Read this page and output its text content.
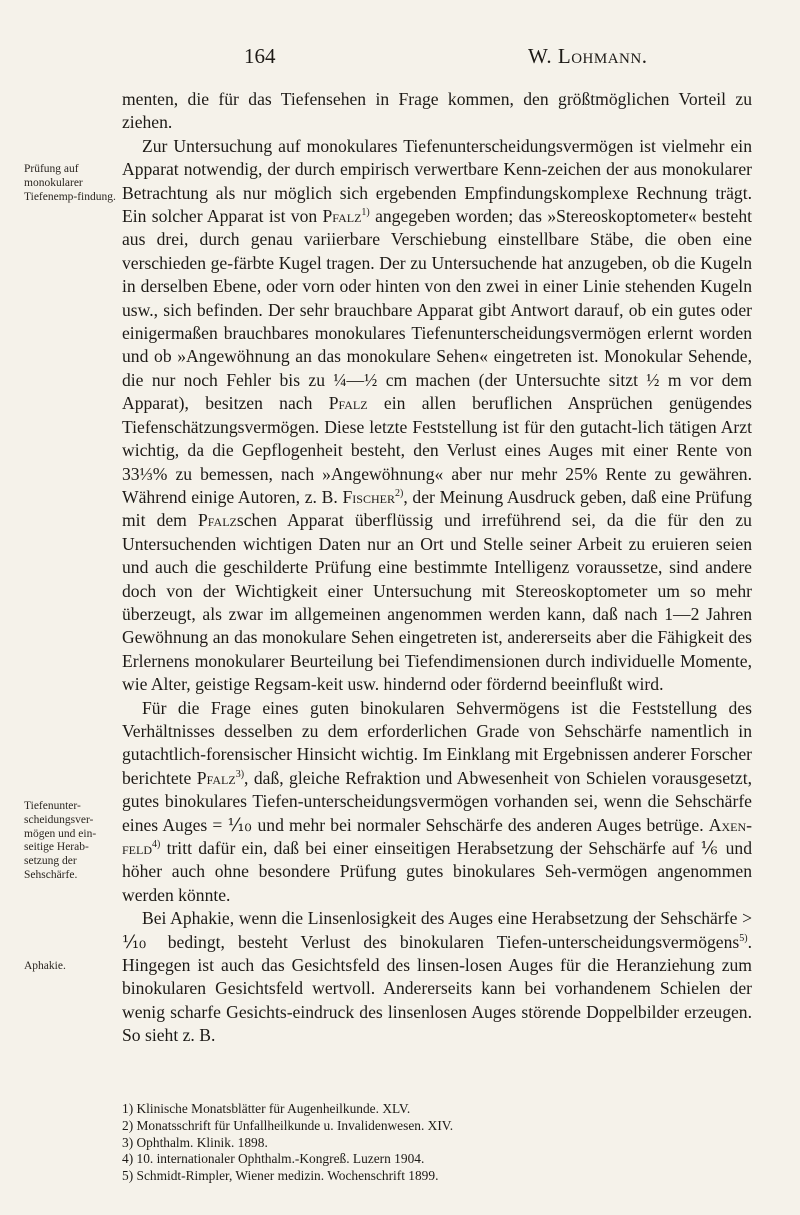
164	W. Lohmann.
Prüfung auf monokularer Tiefenemp-findung.
Tiefenunter-scheidungsver-mögen und ein-seitige Herab-setzung der Sehschärfe.
Aphakie.

menten, die für das Tiefensehen in Frage kommen, den größtmöglichen Vorteil zu ziehen.

Zur Untersuchung auf monokulares Tiefenunterscheidungsvermögen ist vielmehr ein Apparat notwendig, der durch empirisch verwertbare Kenn-zeichen der aus monokularer Betrachtung als nur möglich sich ergebenden Empfindungskomplexe Rechnung trägt. Ein solcher Apparat ist von Pfalz$^{1)}$ angegeben worden; das »Stereoskoptometer« besteht aus drei, durch genau variierbare Verschiebung einstellbare Stäbe, die oben eine verschieden ge-färbte Kugel tragen. Der zu Untersuchende hat anzugeben, ob die Kugeln in derselben Ebene, oder vorn oder hinten von den zwei in einer Linie stehenden Kugeln usw., sich befinden. Der sehr brauchbare Apparat gibt Antwort darauf, ob ein gutes oder einigermaßen brauchbares monokulares Tiefenunterscheidungsvermögen erlernt worden und ob »Angewöhnung an das monokulare Sehen« eingetreten ist. Monokular Sehende, die nur noch Fehler bis zu ¼—½ cm machen (der Untersuchte sitzt ½ m vor dem Apparat), besitzen nach Pfalz ein allen beruflichen Ansprüchen genügendes Tiefenschätzungsvermögen. Diese letzte Feststellung ist für den gutacht-lich tätigen Arzt wichtig, da die Gepflogenheit besteht, den Verlust eines Auges mit einer Rente von 33⅓% zu bemessen, nach »Angewöhnung« aber nur mehr 25% Rente zu gewähren. Während einige Autoren, z. B. Fischer$^{2)}$, der Meinung Ausdruck geben, daß eine Prüfung mit dem Pfalzschen Apparat überflüssig und irreführend sei, da die für den zu Untersuchenden wichtigen Daten nur an Ort und Stelle seiner Arbeit zu eruieren seien und auch die geschilderte Prüfung eine bestimmte Intelligenz voraussetze, sind andere doch von der Wichtigkeit einer Untersuchung mit Stereoskoptometer um so mehr überzeugt, als zwar im allgemeinen angenommen werden kann, daß nach 1—2 Jahren Gewöhnung an das monokulare Sehen eingetreten ist, andererseits aber die Fähigkeit des Erlernens monokularer Beurteilung bei Tiefendimensionen durch individuelle Momente, wie Alter, geistige Regsam-keit usw. hindernd oder fördernd beeinflußt wird.

Für die Frage eines guten binokularen Sehvermögens ist die Feststellung des Verhältnisses desselben zu dem erforderlichen Grade von Sehschärfe namentlich in gutachtlich-forensischer Hinsicht wichtig. Im Einklang mit Ergebnissen anderer Forscher berichtete Pfalz$^{3)}$, daß, gleiche Refraktion und Abwesenheit von Schielen vorausgesetzt, gutes binokulares Tiefen-unterscheidungsvermögen vorhanden sei, wenn die Sehschärfe eines Auges = ⅒ und mehr bei normaler Sehschärfe des anderen Auges betrüge. Axen-feld$^{4)}$ tritt dafür ein, daß bei einer einseitigen Herabsetzung der Sehschärfe auf ⅙ und höher auch ohne besondere Prüfung gutes binokulares Seh-vermögen angenommen werden könnte.

Bei Aphakie, wenn die Linsenlosigkeit des Auges eine Herabsetzung der Sehschärfe > ⅒ bedingt, besteht Verlust des binokularen Tiefen-unterscheidungsvermögens$^{5)}$. Hingegen ist auch das Gesichtsfeld des linsen-losen Auges für die Heranziehung zum binokularen Gesichtsfeld wertvoll. Andererseits kann bei vorhandenem Schielen der wenig scharfe Gesichts-eindruck des linsenlosen Auges störende Doppelbilder erzeugen. So sieht z. B.

1) Klinische Monatsblätter für Augenheilkunde. XLV.
2) Monatsschrift für Unfallheilkunde u. Invalidenwesen. XIV.
3) Ophthalm. Klinik. 1898.
4) 10. internationaler Ophthalm.-Kongreß. Luzern 1904.
5) Schmidt-Rimpler, Wiener medizin. Wochenschrift 1899.
